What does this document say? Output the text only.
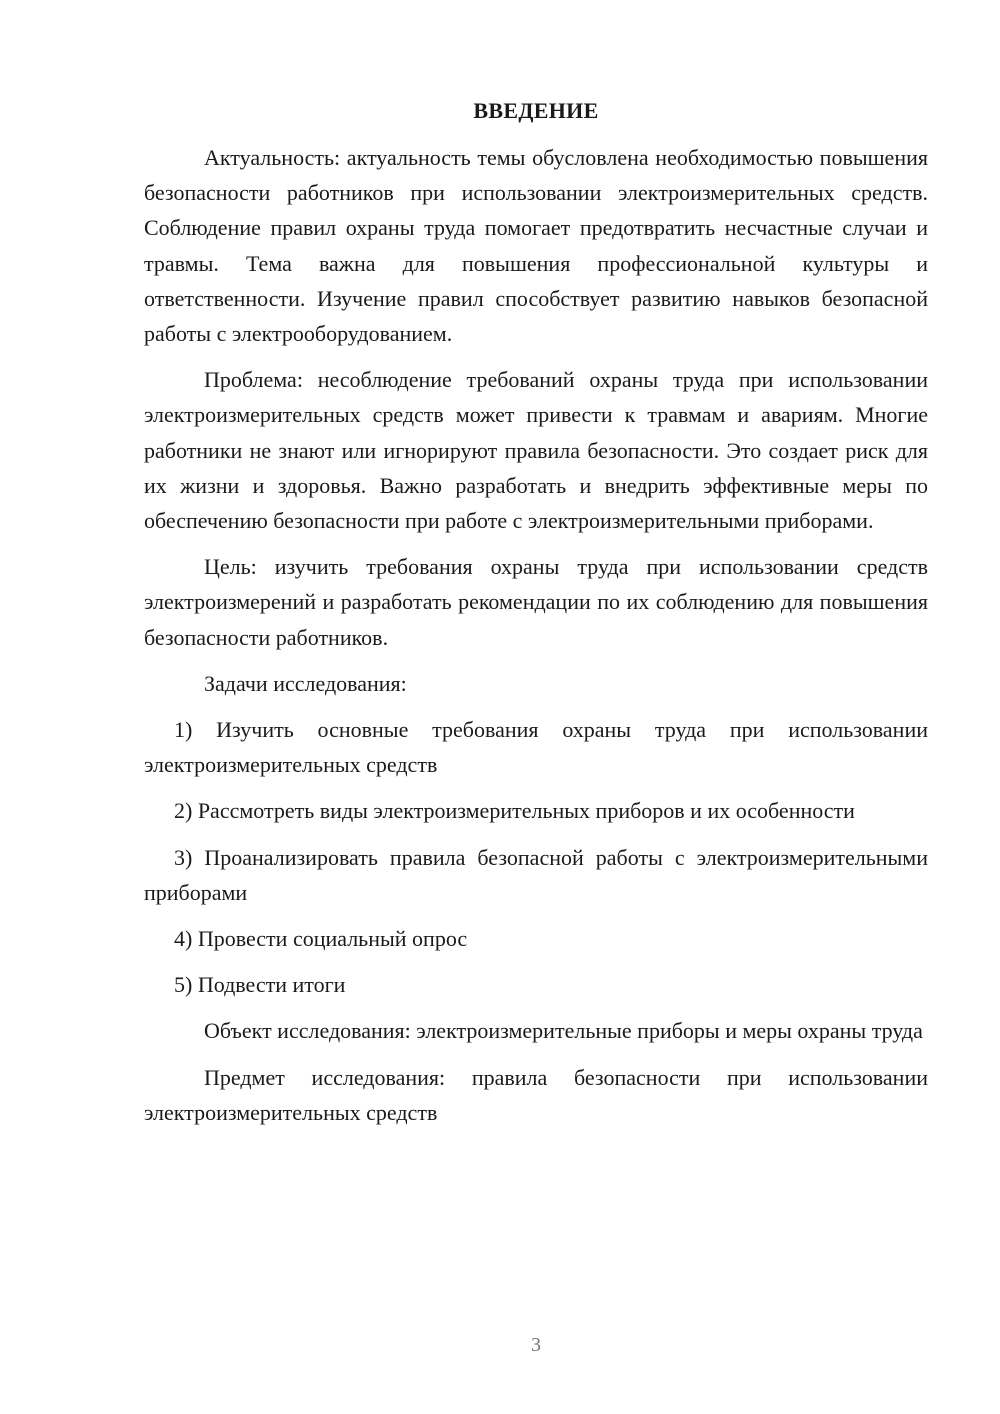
ВВЕДЕНИЕ

Актуальность: актуальность темы обусловлена необходимостью повышения безопасности работников при использовании электроизмерительных средств. Соблюдение правил охраны труда помогает предотвратить несчастные случаи и травмы. Тема важна для повышения профессиональной культуры и ответственности. Изучение правил способствует развитию навыков безопасной работы с электрооборудованием.

Проблема: несоблюдение требований охраны труда при использовании электроизмерительных средств может привести к травмам и авариям. Многие работники не знают или игнорируют правила безопасности. Это создает риск для их жизни и здоровья. Важно разработать и внедрить эффективные меры по обеспечению безопасности при работе с электроизмерительными приборами.

Цель: изучить требования охраны труда при использовании средств электроизмерений и разработать рекомендации по их соблюдению для повышения безопасности работников.

Задачи исследования:

1) Изучить основные требования охраны труда при использовании электроизмерительных средств

2) Рассмотреть виды электроизмерительных приборов и их особенности

3) Проанализировать правила безопасной работы с электроизмерительными приборами

4) Провести социальный опрос

5) Подвести итоги

Объект исследования: электроизмерительные приборы и меры охраны труда

Предмет исследования: правила безопасности при использовании электроизмерительных средств

3
